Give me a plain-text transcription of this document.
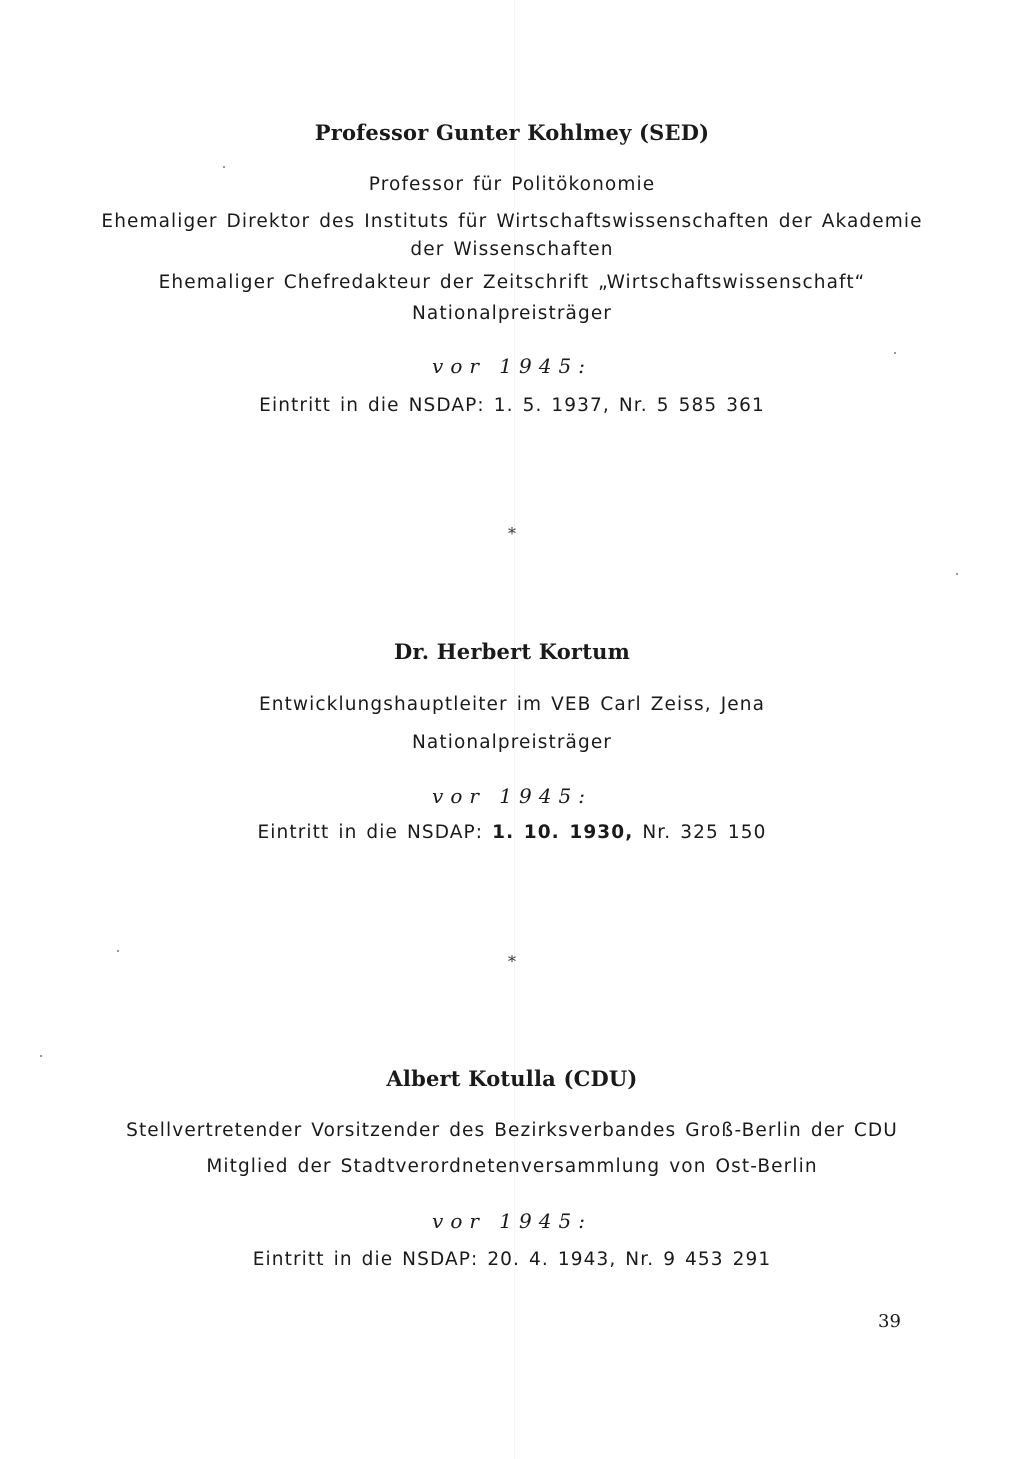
Professor Gunter Kohlmey (SED)
Professor für Politökonomie
Ehemaliger Direktor des Instituts für Wirtschaftswissenschaften der Akademie
der Wissenschaften
Ehemaliger Chefredakteur der Zeitschrift „Wirtschaftswissenschaft“
Nationalpreisträger
vor 1945:
Eintritt in die NSDAP: 1. 5. 1937, Nr. 5 585 361
*
Dr. Herbert Kortum
Entwicklungshauptleiter im VEB Carl Zeiss, Jena
Nationalpreisträger
vor 1945:
Eintritt in die NSDAP: 1. 10. 1930, Nr. 325 150
*
Albert Kotulla (CDU)
Stellvertretender Vorsitzender des Bezirksverbandes Groß-Berlin der CDU
Mitglied der Stadtverordnetenversammlung von Ost-Berlin
vor 1945:
Eintritt in die NSDAP: 20. 4. 1943, Nr. 9 453 291
39
